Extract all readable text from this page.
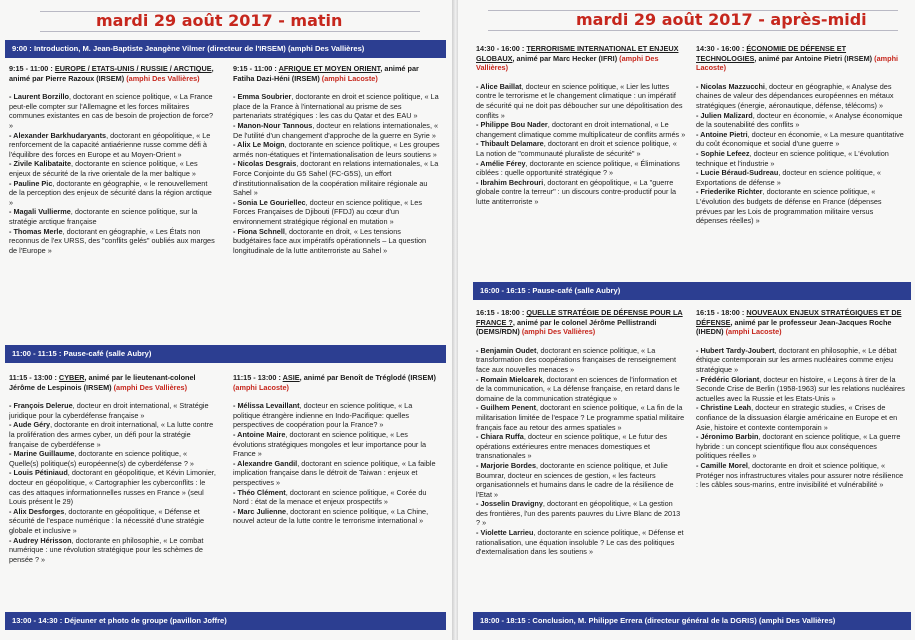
mardi 29 août 2017 - matin
9:00 : Introduction, M. Jean-Baptiste Jeangène Vilmer (directeur de l'IRSEM) (amphi Des Vallières)
9:15 - 11:00 : EUROPE / ETATS-UNIS / RUSSIE / ARCTIQUE, animé par Pierre Razoux (IRSEM) (amphi Des Vallières)
- Laurent Borzillo, doctorant en science politique, « La France peut-elle compter sur l'Allemagne et les forces militaires communes existantes en cas de besoin de projection de force? »
- Alexander Barkhudaryants, doctorant en géopolitique, « Le renforcement de la capacité antiaérienne russe comme défi à l'équilibre des forces en Europe et au Moyen-Orient »
- Zivile Kalibataite, doctorante en science politique, « Les enjeux de sécurité de la rive orientale de la mer baltique »
- Pauline Pic, doctorante en géographie, « le renouvellement de la perception des enjeux de sécurité dans la région arctique »
- Magali Vullierme, doctorante en science politique, sur la stratégie arctique française
- Thomas Merle, doctorant en géographie, « Les États non reconnus de l'ex URSS, des "conflits gelés" oubliés aux marges de l'Europe »
9:15 - 11:00 : AFRIQUE ET MOYEN ORIENT, animé par Fatiha Dazi-Héni (IRSEM) (amphi Lacoste)
- Emma Soubrier, doctorante en droit et science politique, « La place de la France à l'international au prisme de ses partenariats stratégiques : les cas du Qatar et des EAU »
- Manon-Nour Tannous, docteur en relations internationales, « De l'utilité d'un changement d'approche de la guerre en Syrie »
- Alix Le Moign, doctorante en science politique, « Les groupes armés non-étatiques et l'internationalisation de leurs soutiens »
- Nicolas Desgrais, doctorant en relations internationales, « La Force Conjointe du G5 Sahel (FC-G5S), un effort d'institutionnalisation de la coopération militaire régionale au Sahel »
- Sonia Le Gouriellec, docteur en science politique, « Les Forces Françaises de Djibouti (FFDJ) au cœur d'un environnement stratégique régional en mutation »
- Fiona Schnell, doctorante en droit, « Les tensions budgétaires face aux impératifs opérationnels – La question longitudinale de la lutte antiterroriste au Sahel »
11:00 - 11:15 : Pause-café (salle Aubry)
11:15 - 13:00 : CYBER, animé par le lieutenant-colonel Jérôme de Lespinois (IRSEM) (amphi Des Vallières)
- François Delerue, docteur en droit international, « Stratégie juridique pour la cyberdéfense française »
- Aude Géry, doctorante en droit international, « La lutte contre la prolifération des armes cyber, un défi pour la stratégie française de cyberdéfense »
- Marine Guillaume, doctorante en science politique, « Quelle(s) politique(s) européenne(s) de cyberdéfense ? »
- Louis Pétiniaud, doctorant en géopolitique, et Kévin Limonier, docteur en géopolitique, « Cartographier les cyberconflits : le cas des attaques informationnelles russes en France » (seul Louis présent le 29)
- Alix Desforges, doctorante en géopolitique, « Défense et sécurité de l'espace numérique : la nécessité d'une stratégie globale et inclusive »
- Audrey Hérisson, doctorante en philosophie, « Le combat numérique : une révolution stratégique pour les schèmes de pensée ? »
11:15 - 13:00 : ASIE, animé par Benoît de Tréglodé (IRSEM) (amphi Lacoste)
- Mélissa Levaillant, docteur en science politique, « La politique étrangère indienne en Indo-Pacifique: quelles perspectives de coopération pour la France? »
- Antoine Maire, doctorant en science politique, « Les évolutions stratégiques mongoles et leur importance pour la France »
- Alexandre Gandil, doctorant en science politique, « La faible implication française dans le détroit de Taiwan : enjeux et perspectives »
- Théo Clément, doctorant en science politique, « Corée du Nord : état de la menace et enjeux prospectifs »
- Marc Julienne, doctorant en science politique, « La Chine, nouvel acteur de la lutte contre le terrorisme international »
13:00 - 14:30 : Déjeuner et photo de groupe (pavillon Joffre)
mardi 29 août 2017 - après-midi
14:30 - 16:00 : TERRORISME INTERNATIONAL ET ENJEUX GLOBAUX, animé par Marc Hecker (IFRI) (amphi Des Vallières)
- Alice Baillat, docteur en science politique, « Lier les luttes contre le terrorisme et le changement climatique : un impératif de sécurité qui ne doit pas déboucher sur une dépolitisation des conflits »
- Philippe Bou Nader, doctorant en droit international, « Le changement climatique comme multiplicateur de conflits armés »
- Thibault Delamare, doctorant en droit et science politique, « La notion de "communauté pluraliste de sécurité" »
- Amélie Férey, doctorante en science politique, « Éliminations ciblées : quelle opportunité stratégique ? »
- Ibrahim Bechrouri, doctorant en géopolitique, « La "guerre globale contre la terreur" : un discours contre-productif pour la lutte antiterroriste »
14:30 - 16:00 : ÉCONOMIE DE DÉFENSE ET TECHNOLOGIES, animé par Antoine Pietri (IRSEM) (amphi Lacoste)
- Nicolas Mazzucchi, docteur en géographie, « Analyse des chaines de valeur des dépendances européennes en métaux stratégiques (énergie, aéronautique, défense, télécoms) »
- Julien Malizard, docteur en économie, « Analyse économique de la soutenabilité des conflits »
- Antoine Pietri, docteur en économie, « La mesure quantitative du coût économique et social d'une guerre »
- Sophie Lefeez, docteur en science politique, « L'évolution technique et l'industrie »
- Lucie Béraud-Sudreau, docteur en science politique, « Exportations de défense »
- Friederike Richter, doctorante en science politique, « L'évolution des budgets de défense en France (dépenses prévues par les Lois de programmation militaire versus dépenses réelles) »
16:00 - 16:15 : Pause-café (salle Aubry)
16:15 - 18:00 : QUELLE STRATÉGIE DE DÉFENSE POUR LA FRANCE ?, animé par le colonel Jérôme Pellistrandi (DEMS/RDN) (amphi Des Vallières)
- Benjamin Oudet, doctorant en science politique, « La transformation des coopérations françaises de renseignement face aux nouvelles menaces »
- Romain Mielcarek, doctorant en sciences de l'information et de la communication, « La défense française, en retard dans le domaine de la communication stratégique »
- Guilhem Penent, doctorant en science politique, « La fin de la militarisation limitée de l'espace ? Le programme spatial militaire français face au retour des armes spatiales »
- Chiara Ruffa, docteur en science politique, « Le futur des opérations extérieures entre menaces domestiques et transnationales »
- Marjorie Bordes, doctorante en science politique, et Julie Boumrar, docteur en sciences de gestion, « les facteurs organisationnels et humains dans le cadre de la résilience de l'Etat »
- Josselin Dravigny, doctorant en géopolitique, « La gestion des frontières, l'un des parents pauvres du Livre Blanc de 2013 ? »
- Violette Larrieu, doctorante en science politique, « Défense et rationalisation, une équation insoluble ? Le cas des politiques d'externalisation dans les soutiens »
16:15 - 18:00 : NOUVEAUX ENJEUX STRATÉGIQUES ET DE DÉFENSE, animé par le professeur Jean-Jacques Roche (IHEDN) (amphi Lacoste)
- Hubert Tardy-Joubert, doctorant en philosophie, « Le débat éthique contemporain sur les armes nucléaires comme enjeu stratégique »
- Frédéric Gloriant, docteur en histoire, « Leçons à tirer de la Seconde Crise de Berlin (1958-1963) sur les relations nucléaires actuelles avec la Russie et les Etats-Unis »
- Christine Leah, docteur en strategic studies, « Crises de confiance de la dissuasion élargie américaine en Europe et en Asie, histoire et contexte contemporain »
- Jéronimo Barbin, doctorant en science politique, « La guerre hybride : un concept scientifique flou aux conséquences politiques réelles »
- Camille Morel, doctorante en droit et science politique, « Protéger nos infrastructures vitales pour assurer notre résilience : les câbles sous-marins, entre invisibilité et vulnérabilité »
18:00 - 18:15 : Conclusion, M. Philippe Errera (directeur général de la DGRIS) (amphi Des Vallières)
